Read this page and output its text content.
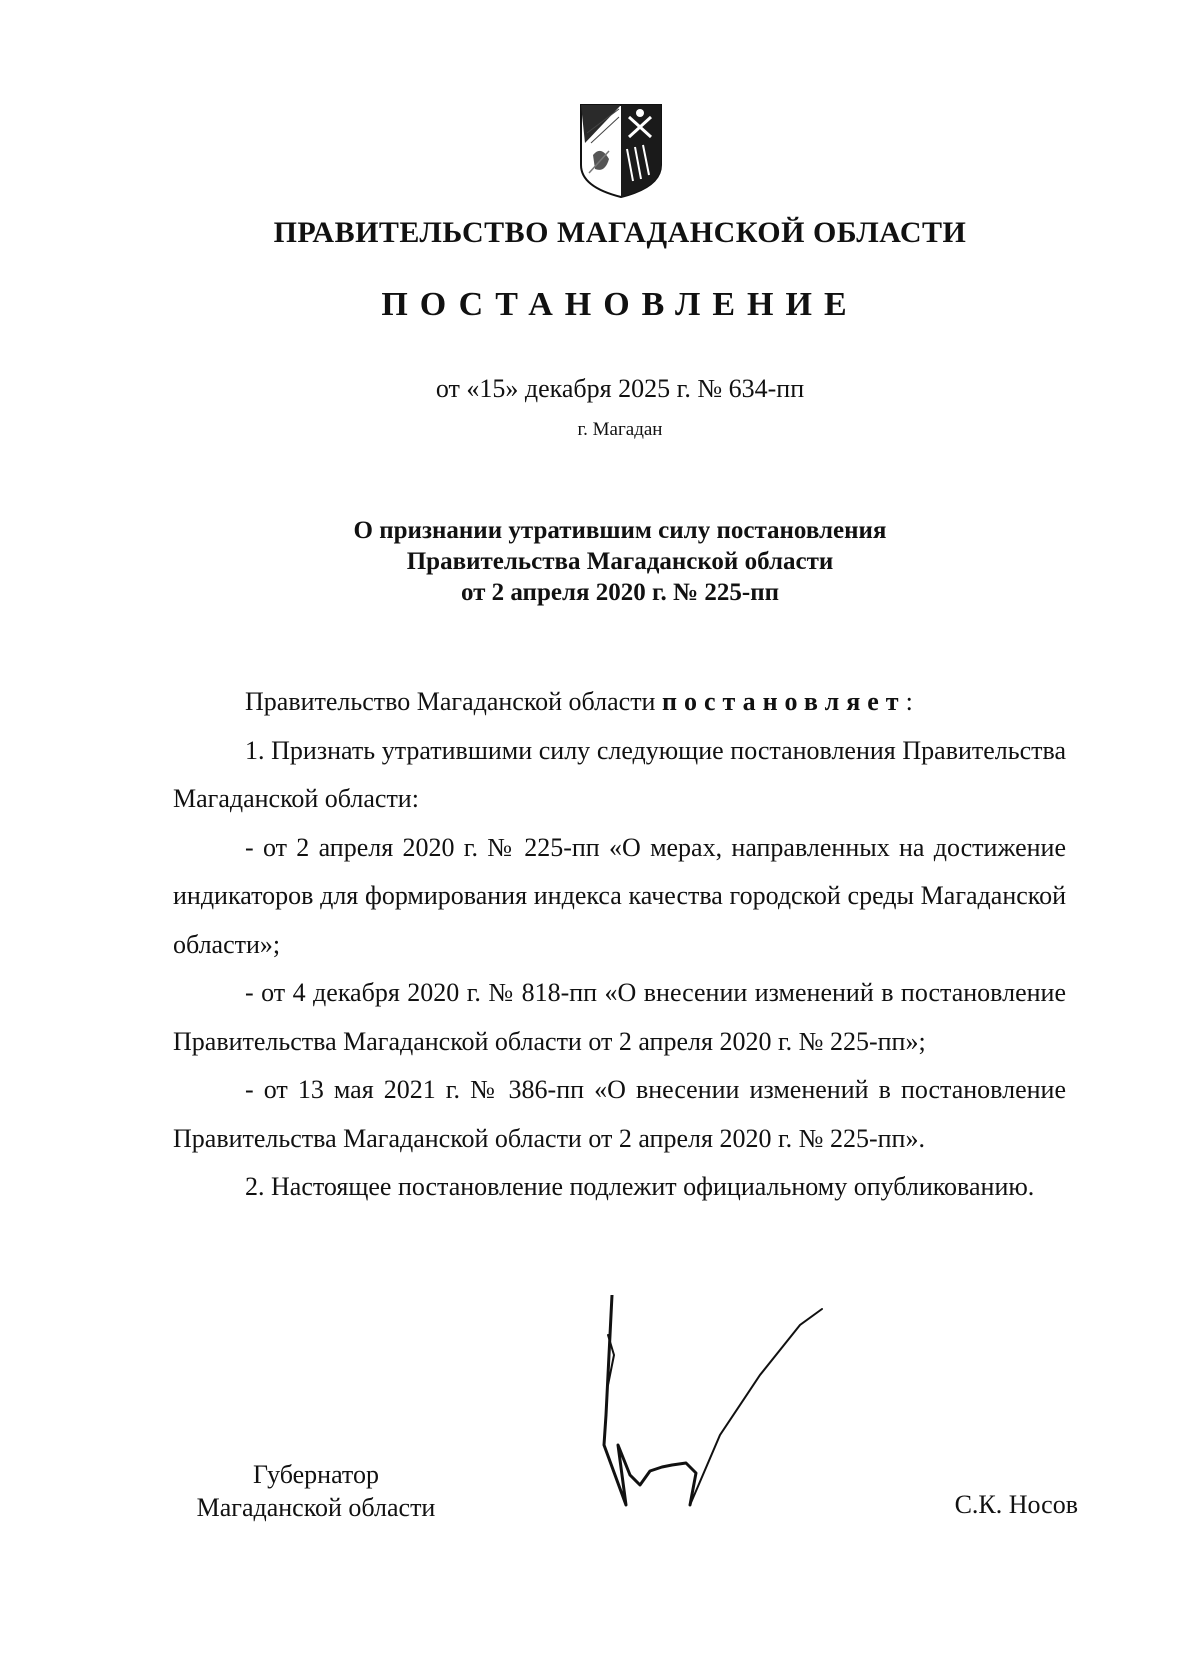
ПРАВИТЕЛЬСТВО МАГАДАНСКОЙ ОБЛАСТИ
ПОСТАНОВЛЕНИЕ
от «15» декабря 2025 г. № 634-пп
г. Магадан
О признании утратившим силу постановления
Правительства Магаданской области
от 2 апреля 2020 г. № 225-пп

Правительство Магаданской области постановляет:

1. Признать утратившими силу следующие постановления Правительства Магаданской области:

- от 2 апреля 2020 г. № 225-пп «О мерах, направленных на достижение индикаторов для формирования индекса качества городской среды Магаданской области»;

- от 4 декабря 2020 г. № 818-пп «О внесении изменений в постановление Правительства Магаданской области от 2 апреля 2020 г. № 225-пп»;

- от 13 мая 2021 г. № 386-пп «О внесении изменений в постановление Правительства Магаданской области от 2 апреля 2020 г. № 225-пп».

2. Настоящее постановление подлежит официальному опубликованию.

Губернатор
Магаданской области	С.К. Носов
